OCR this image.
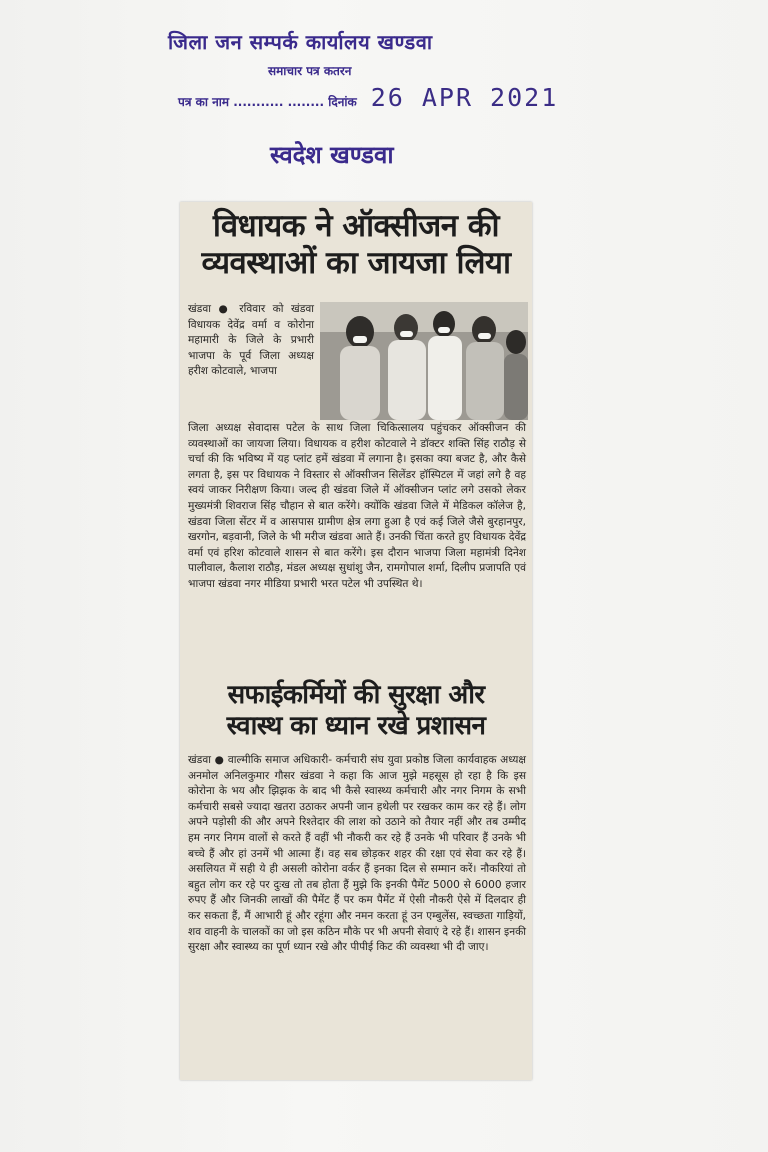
जिला जन सम्पर्क कार्यालय खण्डवा
समाचार पत्र कतरन
पत्र का नाम ........... ........ दिनांक 26 APR 2021
स्वदेश खण्डवा
विधायक ने ऑक्सीजन की
व्यवस्थाओं का जायजा लिया
खंडवा ● रविवार को खंडवा विधायक देवेंद्र वर्मा व कोरोना महामारी के जिले के प्रभारी भाजपा के पूर्व जिला अध्यक्ष हरीश कोटवाले, भाजपा
जिला अध्यक्ष सेवादास पटेल के साथ जिला चिकित्सालय पहुंचकर ऑक्सीजन की व्यवस्थाओं का जायजा लिया। विधायक व हरीश कोटवाले ने डॉक्टर शक्ति सिंह राठौड़ से चर्चा की कि भविष्य में यह प्लांट हमें खंडवा में लगाना है। इसका क्या बजट है, और कैसे लगता है, इस पर विधायक ने विस्तार से ऑक्सीजन सिलेंडर हॉस्पिटल में जहां लगे है वह स्वयं जाकर निरीक्षण किया। जल्द ही खंडवा जिले में ऑक्सीजन प्लांट लगे उसको लेकर मुख्यमंत्री शिवराज सिंह चौहान से बात करेंगे। क्योंकि खंडवा जिले में मेडिकल कॉलेज है, खंडवा जिला सेंटर में व आसपास ग्रामीण क्षेत्र लगा हुआ है एवं कई जिले जैसे बुरहानपुर, खरगोन, बड़वानी, जिले के भी मरीज खंडवा आते हैं। उनकी चिंता करते हुए विधायक देवेंद्र वर्मा एवं हरिश कोटवाले शासन से बात करेंगे। इस दौरान भाजपा जिला महामंत्री दिनेश पालीवाल, कैलाश राठौड़, मंडल अध्यक्ष सुधांशु जैन, रामगोपाल शर्मा, दिलीप प्रजापति एवं भाजपा खंडवा नगर मीडिया प्रभारी भरत पटेल भी उपस्थित थे।
सफाईकर्मियों की सुरक्षा और
स्वास्थ का ध्यान रखे प्रशासन
खंडवा ● वाल्मीकि समाज अधिकारी- कर्मचारी संघ युवा प्रकोष्ठ जिला कार्यवाहक अध्यक्ष अनमोल अनिलकुमार गौसर खंडवा ने कहा कि आज मुझे महसूस हो रहा है कि इस कोरोना के भय और झिझक के बाद भी कैसे स्वास्थ्य कर्मचारी और नगर निगम के सभी कर्मचारी सबसे ज्यादा खतरा उठाकर अपनी जान हथेली पर रखकर काम कर रहे हैं। लोग अपने पड़ोसी की और अपने रिश्तेदार की लाश को उठाने को तैयार नहीं और तब उम्मीद हम नगर निगम वालों से करते हैं वहीं भी नौकरी कर रहे हैं उनके भी परिवार हैं उनके भी बच्चे हैं और हां उनमें भी आत्मा हैं। वह सब छोड़कर शहर की रक्षा एवं सेवा कर रहे हैं। असलियत में सही ये ही असली कोरोना वर्कर हैं इनका दिल से सम्मान करें। नौकरियां तो बहुत लोग कर रहे पर दुःख तो तब होता हैं मुझे कि इनकी पैमेंट 5000 से 6000 हजार रुपए हैं और जिनकी लाखों की पैमेंट हैं पर कम पैमेंट में ऐसी नौकरी ऐसे में दिलदार ही कर सकता हैं, मैं आभारी हूं और रहूंगा और नमन करता हूं उन एम्बुलेंस, स्वच्छता गाड़ियों, शव वाहनी के चालकों का जो इस कठिन मौके पर भी अपनी सेवाएं दे रहे हैं। शासन इनकी सुरक्षा और स्वास्थ्य का पूर्ण ध्यान रखे और पीपीई किट की व्यवस्था भी दी जाए।
